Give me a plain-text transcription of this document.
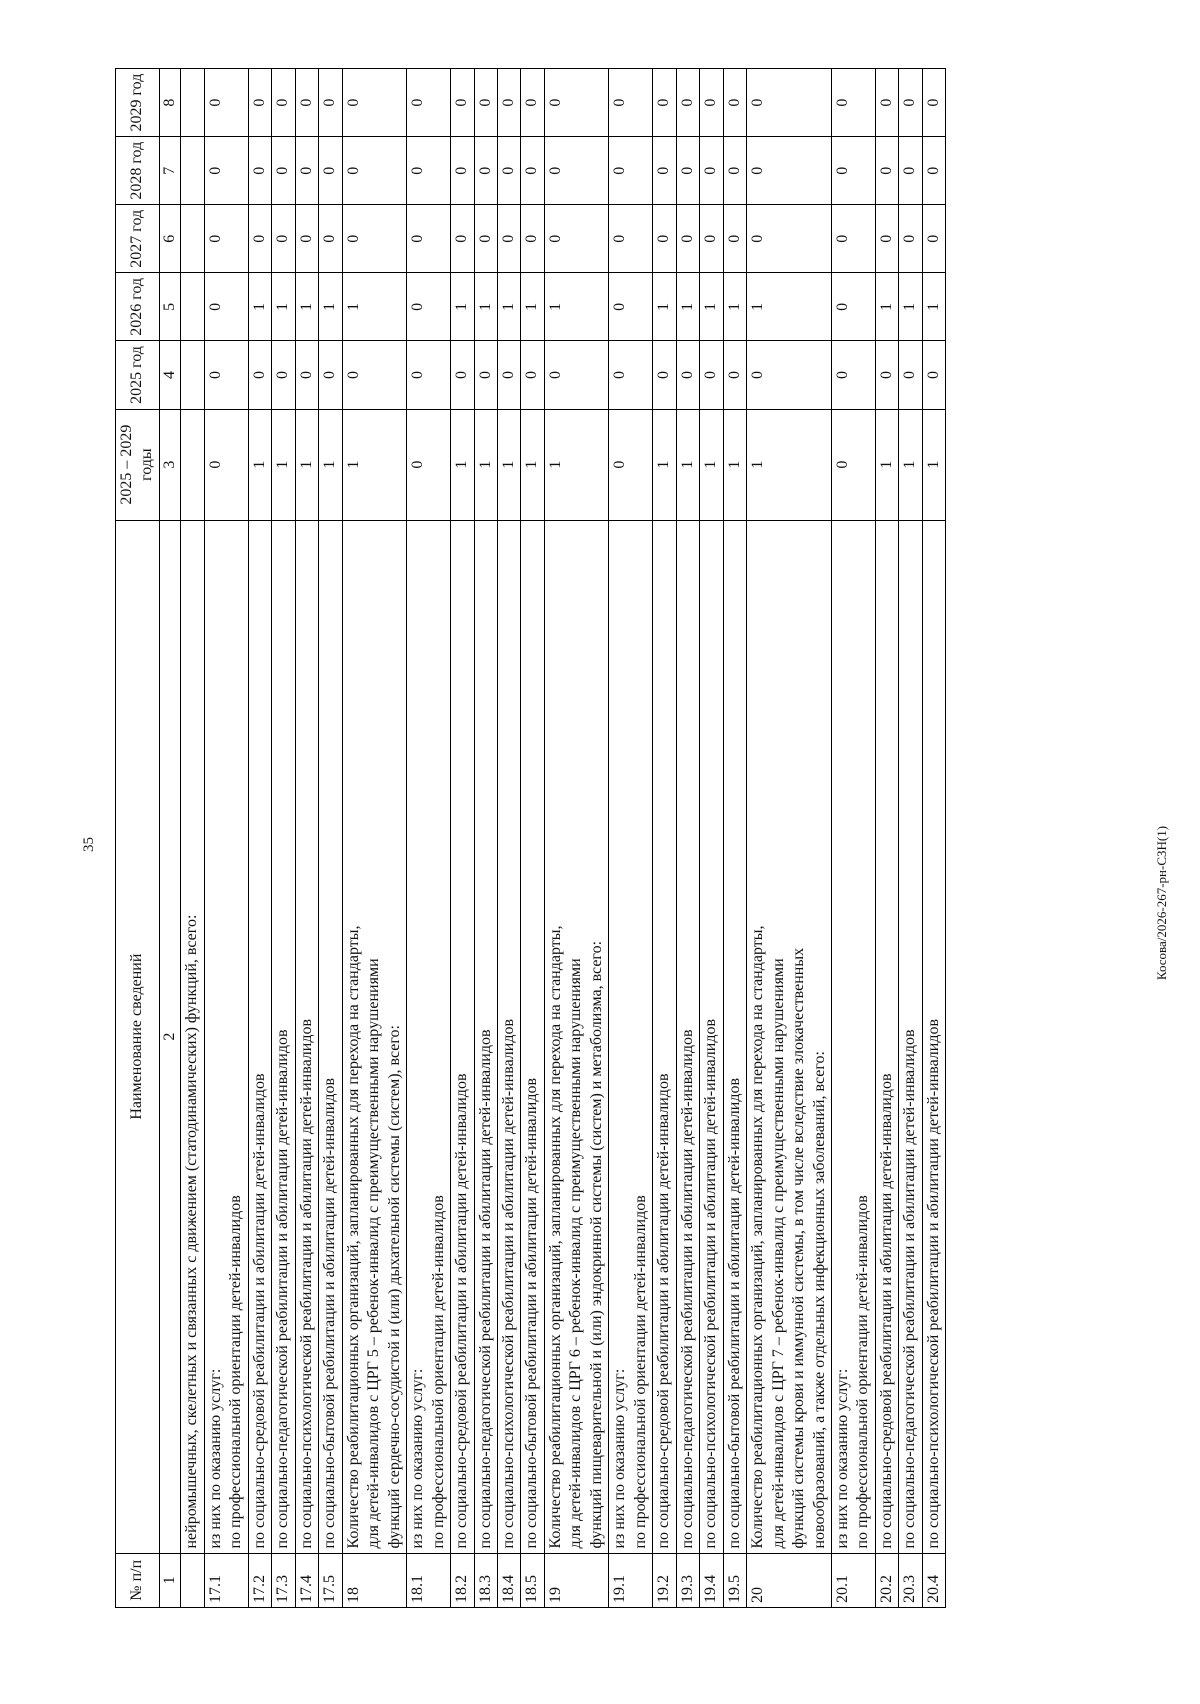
35	Косова/2026-267-рн-СЗН(1)
№ п/п	Наименование сведений	2025 – 2029 годы	2025 год	2026 год	2027 год	2028 год	2029 год
1	2	3	4	5	6	7	8

	нейромышечных, скелетных и связанных с движением (статодинамических) функций, всего:						

17.1	из них по оказанию услуг: по профессиональной ориентации детей-инвалидов	0	0	0	0	0	0
17.2	по социально-средовой реабилитации и абилитации детей-инвалидов	1	0	1	0	0	0
17.3	по социально-педагогической реабилитации и абилитации детей-инвалидов	1	0	1	0	0	0
17.4	по социально-психологической реабилитации и абилитации детей-инвалидов	1	0	1	0	0	0
17.5	по социально-бытовой реабилитации и абилитации детей-инвалидов	1	0	1	0	0	0
18	Количество реабилитационных организаций, запланированных для перехода на стандарты, для детей-инвалидов с ЦРГ 5 – ребенок-инвалид с преимущественными нарушениями функций сердечно-сосудистой и (или) дыхательной системы (систем), всего:	1	0	1	0	0	0
18.1	из них по оказанию услуг: по профессиональной ориентации детей-инвалидов	0	0	0	0	0	0
18.2	по социально-средовой реабилитации и абилитации детей-инвалидов	1	0	1	0	0	0
18.3	по социально-педагогической реабилитации и абилитации детей-инвалидов	1	0	1	0	0	0
18.4	по социально-психологической реабилитации и абилитации детей-инвалидов	1	0	1	0	0	0
18.5	по социально-бытовой реабилитации и абилитации детей-инвалидов	1	0	1	0	0	0
19	Количество реабилитационных организаций, запланированных для перехода на стандарты, для детей-инвалидов с ЦРГ 6 – ребенок-инвалид с преимущественными нарушениями функций пищеварительной и (или) эндокринной системы (систем) и метаболизма, всего:	1	0	1	0	0	0
19.1	из них по оказанию услуг: по профессиональной ориентации детей-инвалидов	0	0	0	0	0	0
19.2	по социально-средовой реабилитации и абилитации детей-инвалидов	1	0	1	0	0	0
19.3	по социально-педагогической реабилитации и абилитации детей-инвалидов	1	0	1	0	0	0
19.4	по социально-психологической реабилитации и абилитации детей-инвалидов	1	0	1	0	0	0
19.5	по социально-бытовой реабилитации и абилитации детей-инвалидов	1	0	1	0	0	0
20	Количество реабилитационных организаций, запланированных для перехода на стандарты, для детей-инвалидов с ЦРГ 7 – ребенок-инвалид с преимущественными нарушениями функций системы крови и иммунной системы, в том числе вследствие злокачественных новообразований, а также отдельных инфекционных заболеваний, всего:	1	0	1	0	0	0
20.1	из них по оказанию услуг: по профессиональной ориентации детей-инвалидов	0	0	0	0	0	0
20.2	по социально-средовой реабилитации и абилитации детей-инвалидов	1	0	1	0	0	0
20.3	по социально-педагогической реабилитации и абилитации детей-инвалидов	1	0	1	0	0	0
20.4	по социально-психологической реабилитации и абилитации детей-инвалидов	1	0	1	0	0	0
